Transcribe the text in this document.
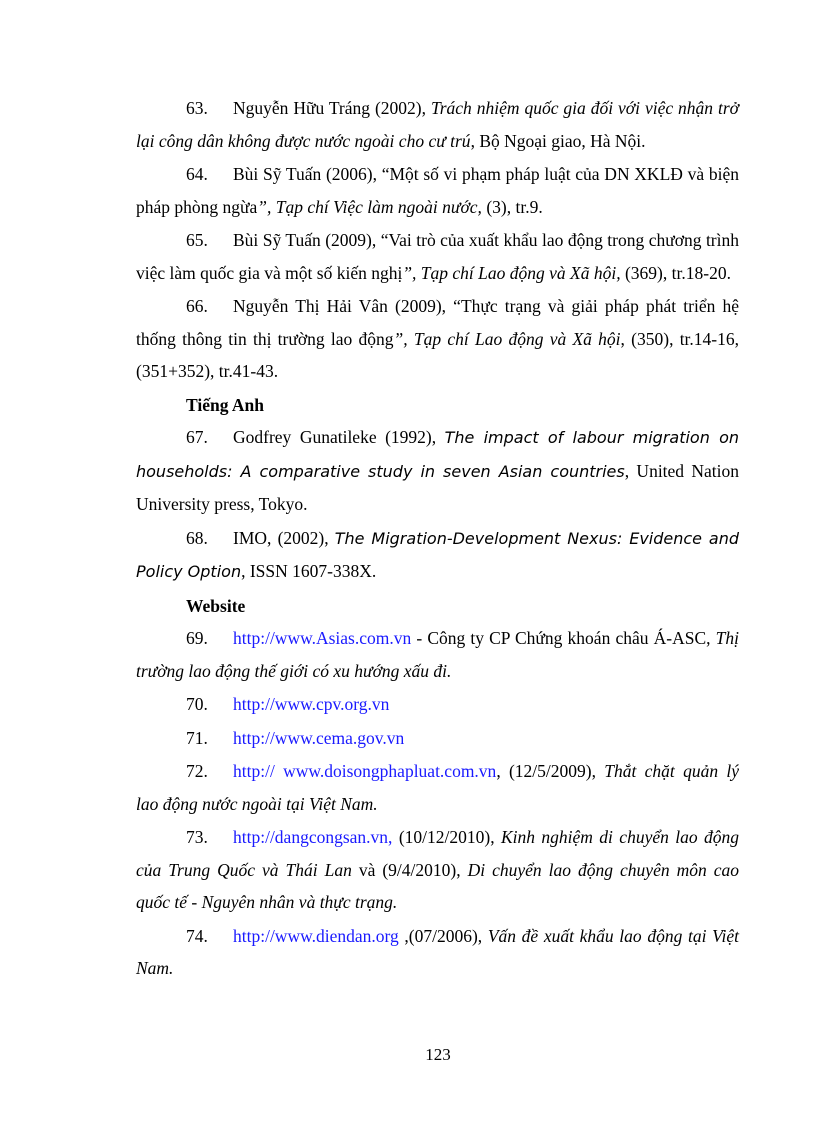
63. Nguyễn Hữu Tráng (2002), Trách nhiệm quốc gia đối với việc nhận trở lại công dân không được nước ngoài cho cư trú, Bộ Ngoại giao, Hà Nội.

64. Bùi Sỹ Tuấn (2006), “Một số vi phạm pháp luật của DN XKLĐ và biện pháp phòng ngừa”, Tạp chí Việc làm ngoài nước, (3), tr.9.

65. Bùi Sỹ Tuấn (2009), “Vai trò của xuất khẩu lao động trong chương trình việc làm quốc gia và một số kiến nghị”, Tạp chí Lao động và Xã hội, (369), tr.18-20.

66. Nguyễn Thị Hải Vân (2009), “Thực trạng và giải pháp phát triển hệ thống thông tin thị trường lao động”, Tạp chí Lao động và Xã hội, (350), tr.14-16, (351+352), tr.41-43.

Tiếng Anh

67. Godfrey Gunatileke (1992), The impact of labour migration on households: A comparative study in seven Asian countries, United Nation University press, Tokyo.

68. IMO, (2002), The Migration-Development Nexus: Evidence and Policy Option, ISSN 1607-338X.

Website

69. http://www.Asias.com.vn - Công ty CP Chứng khoán châu Á-ASC, Thị trường lao động thế giới có xu hướng xấu đi.

70. http://www.cpv.org.vn

71. http://www.cema.gov.vn

72. http:// www.doisongphapluat.com.vn, (12/5/2009), Thắt chặt quản lý lao động nước ngoài tại Việt Nam.

73. http://dangcongsan.vn, (10/12/2010), Kinh nghiệm di chuyển lao động của Trung Quốc và Thái Lan và (9/4/2010), Di chuyển lao động chuyên môn cao quốc tế - Nguyên nhân và thực trạng.

74. http://www.diendan.org ,(07/2006), Vấn đề xuất khẩu lao động tại Việt Nam.

123
